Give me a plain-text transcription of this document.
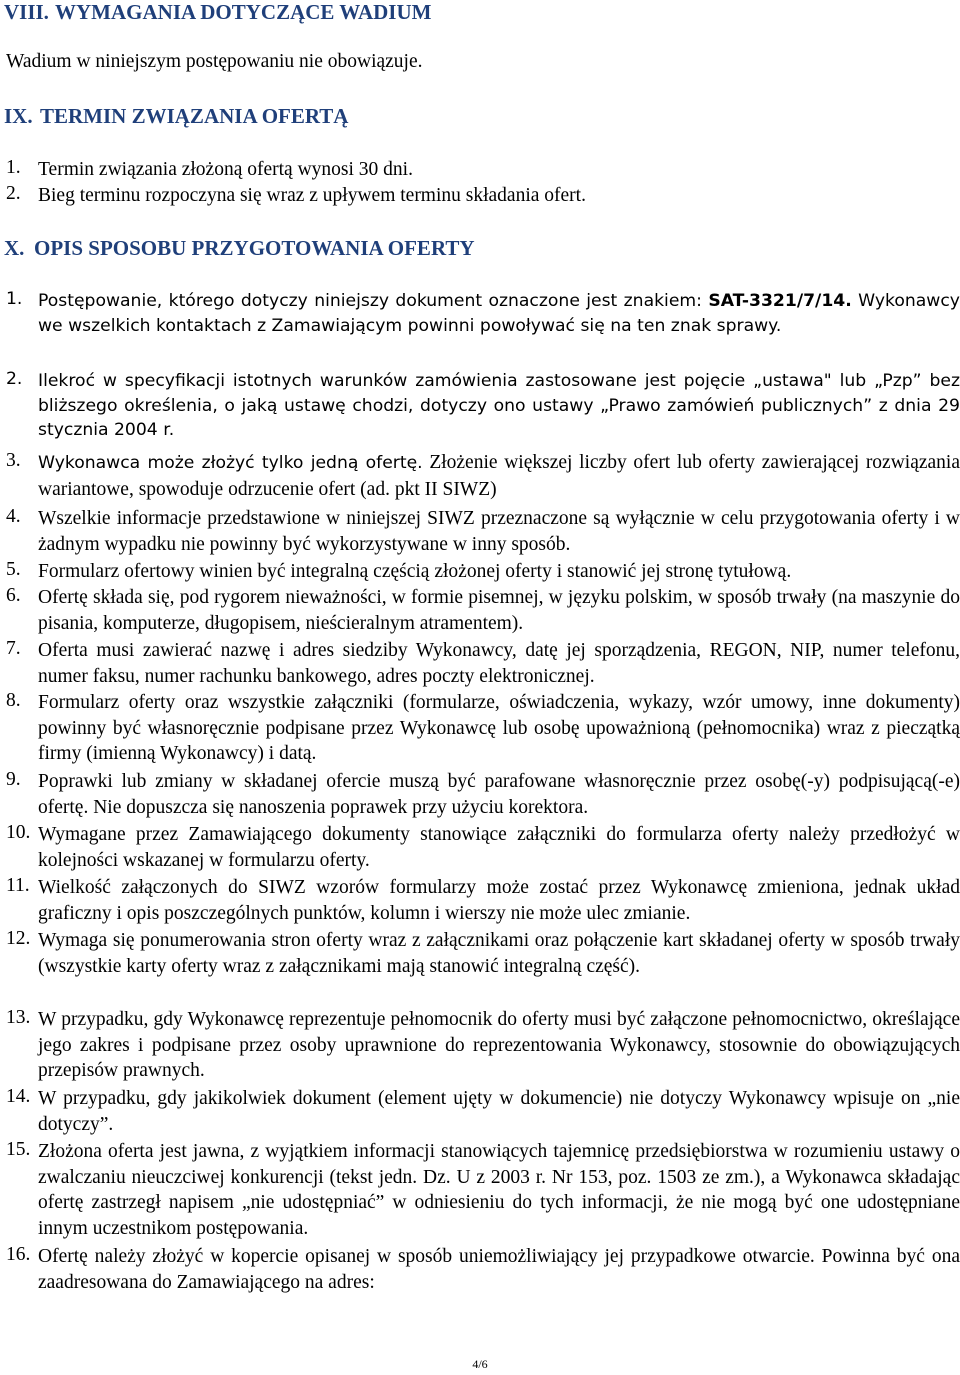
VIII. WYMAGANIA DOTYCZĄCE WADIUM
Wadium w niniejszym postępowaniu nie obowiązuje.
IX. TERMIN ZWIĄZANIA OFERTĄ
1. Termin związania złożoną ofertą wynosi 30 dni.
2. Bieg terminu rozpoczyna się wraz z upływem terminu składania ofert.
X. OPIS SPOSOBU PRZYGOTOWANIA OFERTY
1. Postępowanie, którego dotyczy niniejszy dokument oznaczone jest znakiem: SAT-3321/7/14. Wykonawcy we wszelkich kontaktach z Zamawiającym powinni powoływać się na ten znak sprawy.
2. Ilekroć w specyfikacji istotnych warunków zamówienia zastosowane jest pojęcie „ustawa" lub „Pzp” bez bliższego określenia, o jaką ustawę chodzi, dotyczy ono ustawy „Prawo zamówień publicznych” z dnia 29 stycznia 2004 r.
3. Wykonawca może złożyć tylko jedną ofertę. Złożenie większej liczby ofert lub oferty zawierającej rozwiązania wariantowe, spowoduje odrzucenie ofert (ad. pkt II SIWZ)
4. Wszelkie informacje przedstawione w niniejszej SIWZ przeznaczone są wyłącznie w celu przygotowania oferty i w żadnym wypadku nie powinny być wykorzystywane w inny sposób.
5. Formularz ofertowy winien być integralną częścią złożonej oferty i stanowić jej stronę tytułową.
6. Ofertę składa się, pod rygorem nieważności, w formie pisemnej, w języku polskim, w sposób trwały (na maszynie do pisania, komputerze, długopisem, nieścieralnym atramentem).
7. Oferta musi zawierać nazwę i adres siedziby Wykonawcy, datę jej sporządzenia, REGON, NIP, numer telefonu, numer faksu, numer rachunku bankowego, adres poczty elektronicznej.
8. Formularz oferty oraz wszystkie załączniki (formularze, oświadczenia, wykazy, wzór umowy, inne dokumenty) powinny być własnoręcznie podpisane przez Wykonawcę lub osobę upoważnioną (pełnomocnika) wraz z pieczątką firmy (imienną Wykonawcy) i datą.
9. Poprawki lub zmiany w składanej ofercie muszą być parafowane własnoręcznie przez osobę(-y) podpisującą(-e) ofertę. Nie dopuszcza się nanoszenia poprawek przy użyciu korektora.
10. Wymagane przez Zamawiającego dokumenty stanowiące załączniki do formularza oferty należy przedłożyć w kolejności wskazanej w formularzu oferty.
11. Wielkość załączonych do SIWZ wzorów formularzy może zostać przez Wykonawcę zmieniona, jednak układ graficzny i opis poszczególnych punktów, kolumn i wierszy nie może ulec zmianie.
12. Wymaga się ponumerowania stron oferty wraz z załącznikami oraz połączenie kart składanej oferty w sposób trwały (wszystkie karty oferty wraz z załącznikami mają stanowić integralną część).
13. W przypadku, gdy Wykonawcę reprezentuje pełnomocnik do oferty musi być załączone pełnomocnictwo, określające jego zakres i podpisane przez osoby uprawnione do reprezentowania Wykonawcy, stosownie do obowiązujących przepisów prawnych.
14. W przypadku, gdy jakikolwiek dokument (element ujęty w dokumencie) nie dotyczy Wykonawcy wpisuje on „nie dotyczy”.
15. Złożona oferta jest jawna, z wyjątkiem informacji stanowiących tajemnicę przedsiębiorstwa w rozumieniu ustawy o zwalczaniu nieuczciwej konkurencji (tekst jedn. Dz. U z 2003 r. Nr 153, poz. 1503 ze zm.), a Wykonawca składając ofertę zastrzegł napisem „nie udostępniać” w odniesieniu do tych informacji, że nie mogą być one udostępniane innym uczestnikom postępowania.
16. Ofertę należy złożyć w kopercie opisanej w sposób uniemożliwiający jej przypadkowe otwarcie. Powinna być ona zaadresowana do Zamawiającego na adres:
4/6
